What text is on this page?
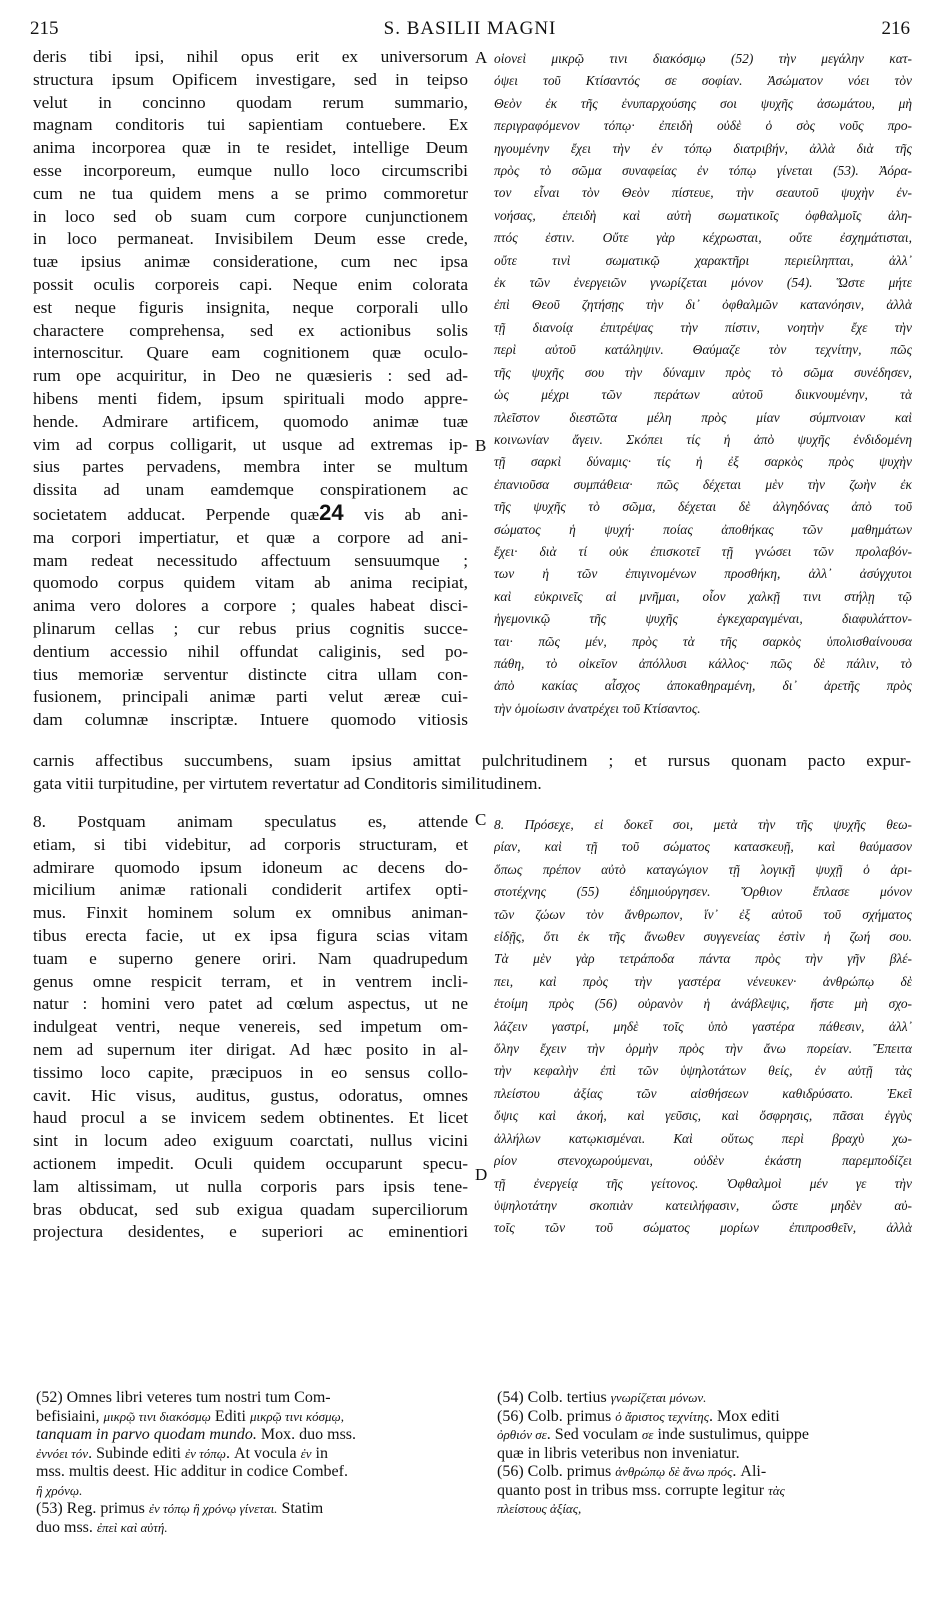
215	S. BASILII MAGNI	216
deris tibi ipsi, nihil opus erit ex universorum
structura ipsum Opificem investigare, sed in teipso
velut in concinno quodam rerum summario,
magnam conditoris tui sapientiam contuebere. Ex
anima incorporea quæ in te residet, intellige Deum
esse incorporeum, eumque nullo loco circumscribi
cum ne tua quidem mens a se primo commoretur
in loco sed ob suam cum corpore cunjunctionem
in loco permaneat. Invisibilem Deum esse crede,
tuæ ipsius animæ consideratione, cum nec ipsa
possit oculis corporeis capi. Neque enim colorata
est neque figuris insignita, neque corporali ullo
charactere comprehensa, sed ex actionibus solis
internoscitur. Quare eam cognitionem quæ oculo-
rum ope acquiritur, in Deo ne quæsieris : sed ad-
hibens menti fidem, ipsum spirituali modo appre-
hende. Admirare artificem, quomodo animæ tuæ
vim ad corpus colligarit, ut usque ad extremas ip-
sius partes pervadens, membra inter se multum
dissita ad unam eamdemque conspirationem ac
societatem adducat. Perpende quæ24 vis ab ani-
ma corpori impertiatur, et quæ a corpore ad ani-
mam redeat necessitudo affectuum sensuumque ;
quomodo corpus quidem vitam ab anima recipiat,
anima vero dolores a corpore ; quales habeat disci-
plinarum cellas ; cur rebus prius cognitis succe-
dentium accessio nihil offundat caliginis, sed po-
tius memoriæ serventur distincte citra ullam con-
fusionem, principali animæ parti velut æreæ cui-
dam columnæ inscriptæ. Intuere quomodo vitiosis
οἱονεὶ μικρῷ τινι διακόσμῳ (52) τὴν μεγάλην κατ-
όψει τοῦ Κτίσαντός σε σοφίαν. Ἀσώματον νόει τὸν
Θεὸν ἐκ τῆς ἐνυπαρχούσης σοι ψυχῆς ἀσωμάτου, μὴ
περιγραφόμενον τόπῳ· ἐπειδὴ οὐδὲ ὁ σὸς νοῦς προ-
ηγουμένην ἔχει τὴν ἐν τόπῳ διατριβήν, ἀλλὰ διὰ τῆς
πρὸς τὸ σῶμα συναφείας ἐν τόπῳ γίνεται (53). Ἀόρα-
τον εἶναι τὸν Θεὸν πίστευε, τὴν σεαυτοῦ ψυχὴν ἐν-
νοήσας, ἐπειδὴ καὶ αὐτὴ σωματικοῖς ὀφθαλμοῖς ἀλη-
πτός ἐστιν. Οὔτε γὰρ κέχρωσται, οὔτε ἐσχημάτισται,
οὔτε τινὶ σωματικῷ χαρακτῆρι περιείληπται, ἀλλ᾽
ἐκ τῶν ἐνεργειῶν γνωρίζεται μόνον (54). Ὥστε μήτε
ἐπὶ Θεοῦ ζητήσῃς τὴν δι᾽ ὀφθαλμῶν κατανόησιν, ἀλλὰ
τῇ διανοίᾳ ἐπιτρέψας τὴν πίστιν, νοητὴν ἔχε τὴν
περὶ αὐτοῦ κατάληψιν. Θαύμαζε τὸν τεχνίτην, πῶς
τῆς ψυχῆς σου τὴν δύναμιν πρὸς τὸ σῶμα συνέδησεν,
ὡς μέχρι τῶν περάτων αὐτοῦ διικνουμένην, τὰ
πλεῖστον διεστῶτα μέλη πρὸς μίαν σύμπνοιαν καὶ
κοινωνίαν ἄγειν. Σκόπει τίς ἡ ἀπὸ ψυχῆς ἐνδιδομένη
τῇ σαρκὶ δύναμις· τίς ἡ ἐξ σαρκὸς πρὸς ψυχὴν
ἐπανιοῦσα συμπάθεια· πῶς δέχεται μὲν τὴν ζωὴν ἐκ
τῆς ψυχῆς τὸ σῶμα, δέχεται δὲ ἀλγηδόνας ἀπὸ τοῦ
σώματος ἡ ψυχή· ποίας ἀποθήκας τῶν μαθημάτων
ἔχει· διὰ τί οὐκ ἐπισκοτεῖ τῇ γνώσει τῶν προλαβόν-
των ἡ τῶν ἐπιγινομένων προσθήκη, ἀλλ᾽ ἀσύγχυτοι
καὶ εὐκρινεῖς αἱ μνῆμαι, οἷον χαλκῇ τινι στήλῃ τῷ
ἡγεμονικῷ τῆς ψυχῆς ἐγκεχαραγμέναι, διαφυλάττον-
ται· πῶς μέν, πρὸς τὰ τῆς σαρκὸς ὑπολισθαίνουσα
πάθη, τὸ οἰκεῖον ἀπόλλυσι κάλλος· πῶς δὲ πάλιν, τὸ
ἀπὸ κακίας αἶσχος ἀποκαθηραμένη, δι᾽ ἀρετῆς πρὸς
τὴν ὁμοίωσιν ἀνατρέχει τοῦ Κτίσαντος.
carnis affectibus succumbens, suam ipsius amittat pulchritudinem ; et rursus quonam pacto expur-
gata vitii turpitudine, per virtutem revertatur ad Conditoris similitudinem.
8. Postquam animam speculatus es, attende
etiam, si tibi videbitur, ad corporis structuram, et
admirare quomodo ipsum idoneum ac decens do-
micilium animæ rationali condiderit artifex opti-
mus. Finxit hominem solum ex omnibus animan-
tibus erecta facie, ut ex ipsa figura scias vitam
tuam e superno genere oriri. Nam quadrupedum
genus omne respicit terram, et in ventrem incli-
natur : homini vero patet ad cœlum aspectus, ut ne
indulgeat ventri, neque venereis, sed impetum om-
nem ad supernum iter dirigat. Ad hæc posito in al-
tissimo loco capite, præcipuos in eo sensus collo-
cavit. Hic visus, auditus, gustus, odoratus, omnes
haud procul a se invicem sedem obtinentes. Et licet
sint in locum adeo exiguum coarctati, nullus vicini
actionem impedit. Oculi quidem occuparunt specu-
lam altissimam, ut nulla corporis pars ipsis tene-
bras obducat, sed sub exigua quadam superciliorum
projectura desidentes, e superiori ac eminentiori
8. Πρόσεχε, εἰ δοκεῖ σοι, μετὰ τὴν τῆς ψυχῆς θεω-
ρίαν, καὶ τῇ τοῦ σώματος κατασκευῇ, καὶ θαύμασον
ὅπως πρέπον αὐτὸ καταγώγιον τῇ λογικῇ ψυχῇ ὁ ἀρι-
στοτέχνης (55) ἐδημιούργησεν. Ὄρθιον ἔπλασε μόνον
τῶν ζώων τὸν ἄνθρωπον, ἵν᾽ ἐξ αὐτοῦ τοῦ σχήματος
εἰδῇς, ὅτι ἐκ τῆς ἄνωθεν συγγενείας ἐστὶν ἡ ζωή σου.
Τὰ μὲν γὰρ τετράποδα πάντα πρὸς τὴν γῆν βλέ-
πει, καὶ πρὸς τὴν γαστέρα νένευκεν· ἀνθρώπῳ δὲ
ἑτοίμη πρὸς (56) οὐρανὸν ἡ ἀνάβλεψις, ἥστε μὴ σχο-
λάζειν γαστρί, μηδὲ τοῖς ὑπὸ γαστέρα πάθεσιν, ἀλλ᾽
ὅλην ἔχειν τὴν ὁρμὴν πρὸς τὴν ἄνω πορείαν. Ἔπειτα
τὴν κεφαλὴν ἐπὶ τῶν ὑψηλοτάτων θείς, ἐν αὐτῇ τὰς
πλείστου ἀξίας τῶν αἰσθήσεων καθιδρύσατο. Ἐκεῖ
ὄψις καὶ ἀκοή, καὶ γεῦσις, καὶ ὄσφρησις, πᾶσαι ἐγγὺς
ἀλλήλων κατῳκισμέναι. Καὶ οὕτως περὶ βραχὺ χω-
ρίον στενοχωρούμεναι, οὐδὲν ἑκάστη παρεμποδίζει
τῇ ἐνεργείᾳ τῆς γείτονος. Ὀφθαλμοὶ μέν γε τὴν
ὑψηλοτάτην σκοπιὰν κατειλήφασιν, ὥστε μηδὲν αὐ-
τοῖς τῶν τοῦ σώματος μορίων ἐπιπροσθεῖν, ἀλλὰ
A
B
C
D
(52) Omnes libri veteres tum nostri tum Com-
befisiaini, μικρῷ τινι διακόσμῳ Editi μικρῷ τινι κόσμῳ,
tanquam in parvo quodam mundo. Mox. duo mss.
ἐννόει τόν. Subinde editi ἐν τόπῳ. At vocula ἐν in
mss. multis deest. Hic additur in codice Combef.
ἢ χρόνῳ.
(53) Reg. primus ἐν τόπῳ ἢ χρόνῳ γίνεται. Statim
duo mss. ἐπεὶ καὶ αὐτή.
(54) Colb. tertius γνωρίζεται μόνων.
(56) Colb. primus ὁ ἄριστος τεχνίτης. Mox editi
ὀρθιόν σε. Sed voculam σε inde sustulimus, quippe
quæ in libris veteribus non inveniatur.
(56) Colb. primus ἀνθρώπῳ δὲ ἄνω πρός. Ali-
quanto post in tribus mss. corrupte legitur τὰς
πλείστους ἀξίας,
